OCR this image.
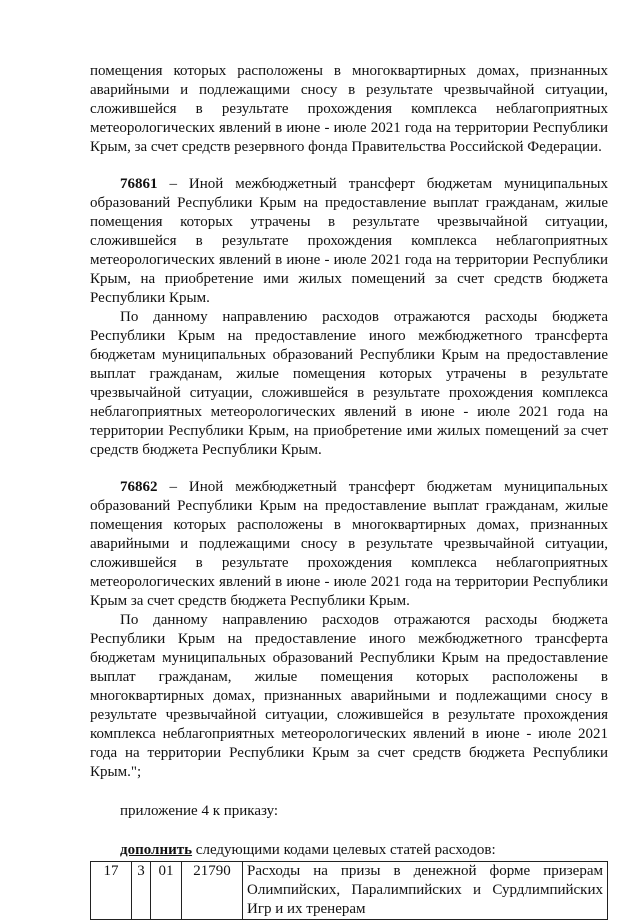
помещения которых расположены в многоквартирных домах, признанных аварийными и подлежащими сносу в результате чрезвычайной ситуации, сложившейся в результате прохождения комплекса неблагоприятных метеорологических явлений в июне - июле 2021 года на территории Республики Крым, за счет средств резервного фонда Правительства Российской Федерации.

76861 – Иной межбюджетный трансферт бюджетам муниципальных образований Республики Крым на предоставление выплат гражданам, жилые помещения которых утрачены в результате чрезвычайной ситуации, сложившейся в результате прохождения комплекса неблагоприятных метеорологических явлений в июне - июле 2021 года на территории Республики Крым, на приобретение ими жилых помещений за счет средств бюджета Республики Крым.

По данному направлению расходов отражаются расходы бюджета Республики Крым на предоставление иного межбюджетного трансферта бюджетам муниципальных образований Республики Крым на предоставление выплат гражданам, жилые помещения которых утрачены в результате чрезвычайной ситуации, сложившейся в результате прохождения комплекса неблагоприятных метеорологических явлений в июне - июле 2021 года на территории Республики Крым, на приобретение ими жилых помещений за счет средств бюджета Республики Крым.

76862 – Иной межбюджетный трансферт бюджетам муниципальных образований Республики Крым на предоставление выплат гражданам, жилые помещения которых расположены в многоквартирных домах, признанных аварийными и подлежащими сносу в результате чрезвычайной ситуации, сложившейся в результате прохождения комплекса неблагоприятных метеорологических явлений в июне - июле 2021 года на территории Республики Крым за счет средств бюджета Республики Крым.

По данному направлению расходов отражаются расходы бюджета Республики Крым на предоставление иного межбюджетного трансферта бюджетам муниципальных образований Республики Крым на предоставление выплат гражданам, жилые помещения которых расположены в многоквартирных домах, признанных аварийными и подлежащими сносу в результате чрезвычайной ситуации, сложившейся в результате прохождения комплекса неблагоприятных метеорологических явлений в июне - июле 2021 года на территории Республики Крым за счет средств бюджета Республики Крым.";

приложение 4 к приказу:

дополнить следующими кодами целевых статей расходов:

17	3	01	21790	Расходы на призы в денежной форме призерам Олимпийских, Паралимпийских и Сурдлимпийских Игр и их тренерам
